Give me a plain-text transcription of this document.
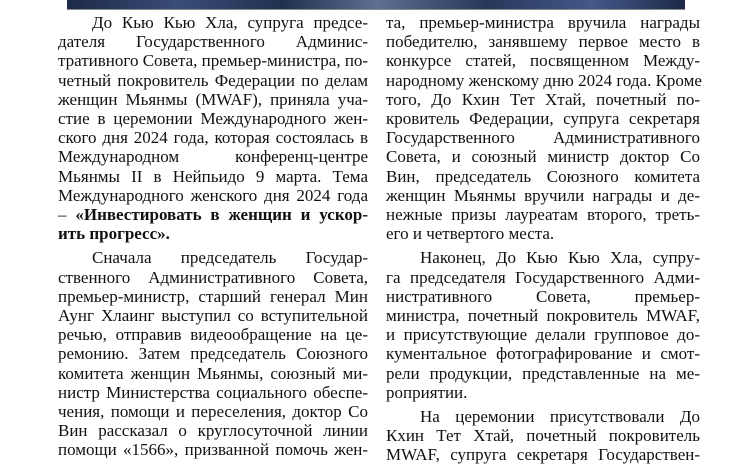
До Кью Кью Хла, супруга предсе-
дателя Государственного Админис-
тративного Совета, премьер-министра, по-
четный покровитель Федерации по делам
женщин Мьянмы (MWAF), приняла уча-
стие в церемонии Международного жен-
ского дня 2024 года, которая состоялась в
Международном конференц-центре
Мьянмы II в Нейпьидо 9 марта. Тема
Международного женского дня 2024 года
– «Инвестировать в женщин и ускор-
ить прогресс».
Сначала председатель Государ-
ственного Административного Совета,
премьер-министр, старший генерал Мин
Аунг Хлаинг выступил со вступительной
речью, отправив видеообращение на це-
ремонию. Затем председатель Союзного
комитета женщин Мьянмы, союзный ми-
нистр Министерства социального обеспе-
чения, помощи и переселения, доктор Со
Вин рассказал о круглосуточной линии
помощи «1566», призванной помочь жен-
та, премьер-министра вручила награды
победителю, занявшему первое место в
конкурсе статей, посвященном Между-
народному женскому дню 2024 года. Кроме
того, До Кхин Тет Хтай, почетный по-
кровитель Федерации, супруга секретаря
Государственного Административного
Совета, и союзный министр доктор Со
Вин, председатель Союзного комитета
женщин Мьянмы вручили награды и де-
нежные призы лауреатам второго, треть-
его и четвертого места.
Наконец, До Кью Кью Хла, супру-
га председателя Государственного Адми-
нистративного Совета, премьер-
министра, почетный покровитель MWAF,
и присутствующие делали групповое до-
кументальное фотографирование и смот-
рели продукции, представленные на ме-
роприятии.
На церемонии присутствовали До
Кхин Тет Хтай, почетный покровитель
MWAF, супруга секретаря Государствен-
